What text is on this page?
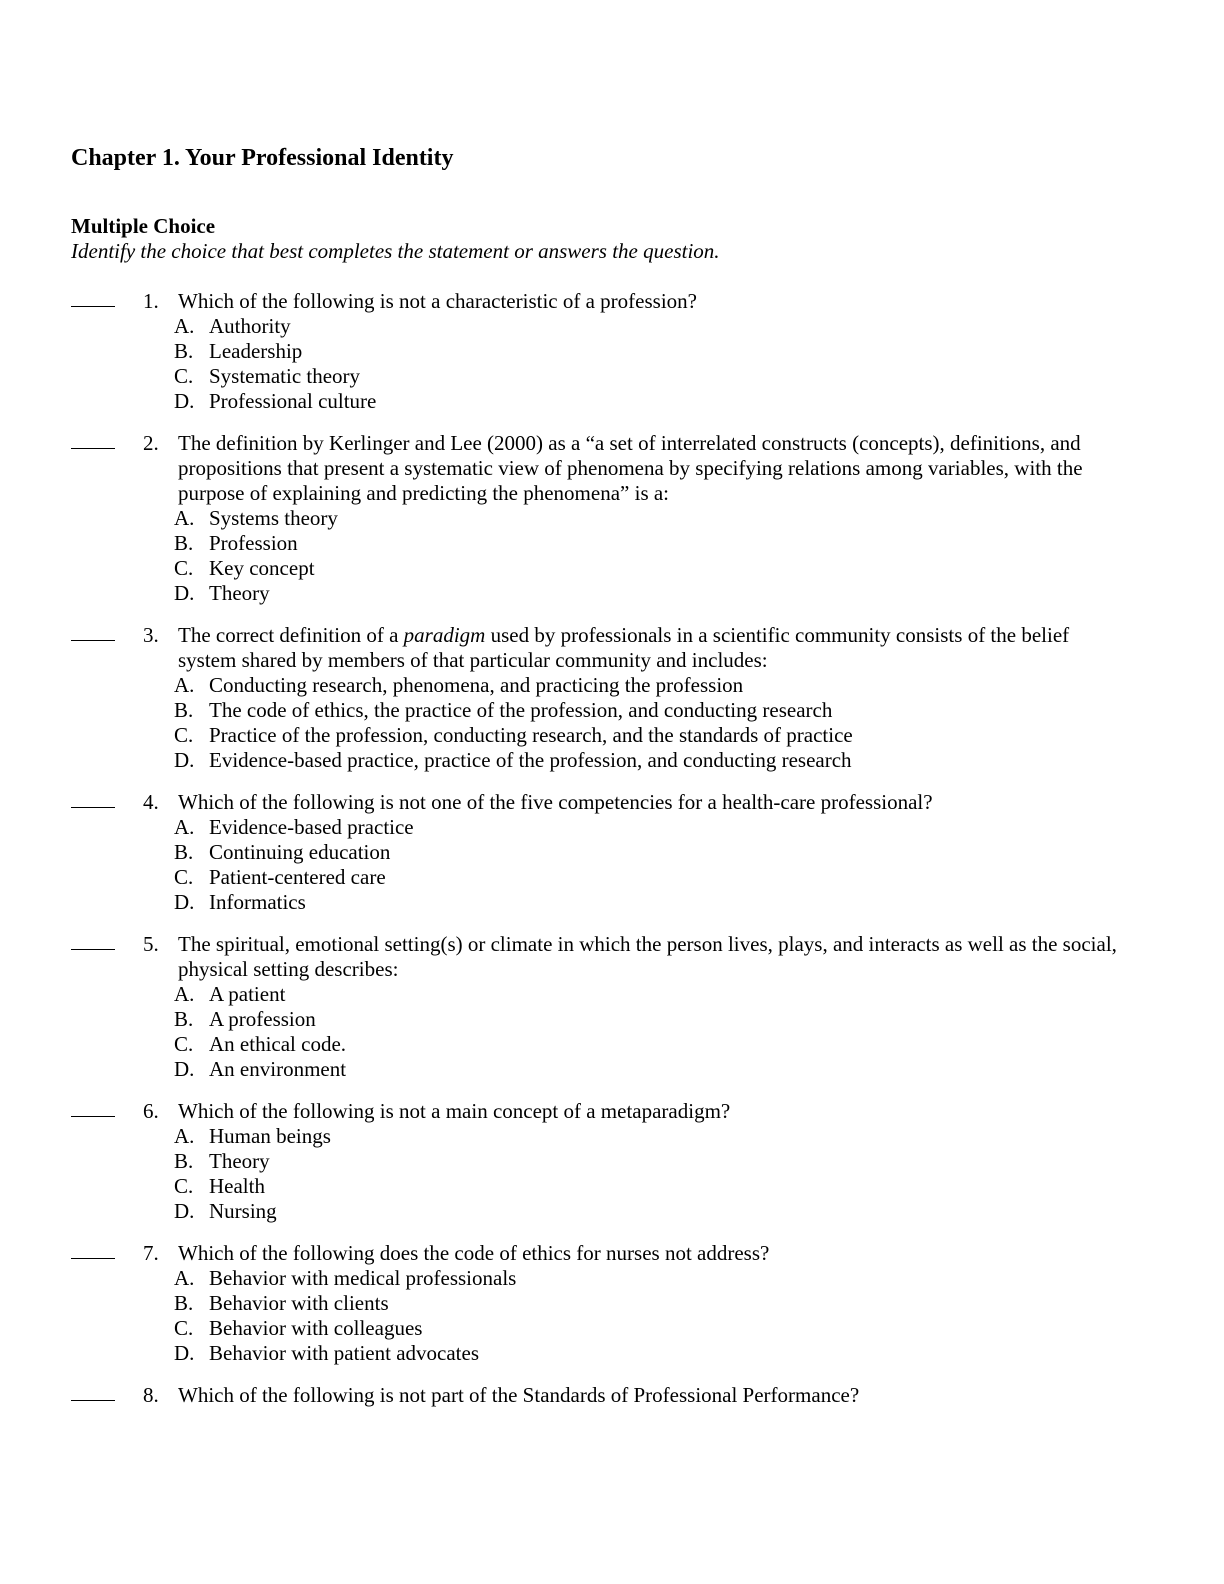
Chapter 1. Your Professional Identity
Multiple Choice
Identify the choice that best completes the statement or answers the question.
1. Which of the following is not a characteristic of a profession?
A. Authority
B. Leadership
C. Systematic theory
D. Professional culture
2. The definition by Kerlinger and Lee (2000) as a “a set of interrelated constructs (concepts), definitions, and propositions that present a systematic view of phenomena by specifying relations among variables, with the purpose of explaining and predicting the phenomena” is a:
A. Systems theory
B. Profession
C. Key concept
D. Theory
3. The correct definition of a paradigm used by professionals in a scientific community consists of the belief system shared by members of that particular community and includes:
A. Conducting research, phenomena, and practicing the profession
B. The code of ethics, the practice of the profession, and conducting research
C. Practice of the profession, conducting research, and the standards of practice
D. Evidence-based practice, practice of the profession, and conducting research
4. Which of the following is not one of the five competencies for a health-care professional?
A. Evidence-based practice
B. Continuing education
C. Patient-centered care
D. Informatics
5. The spiritual, emotional setting(s) or climate in which the person lives, plays, and interacts as well as the social, physical setting describes:
A. A patient
B. A profession
C. An ethical code.
D. An environment
6. Which of the following is not a main concept of a metaparadigm?
A. Human beings
B. Theory
C. Health
D. Nursing
7. Which of the following does the code of ethics for nurses not address?
A. Behavior with medical professionals
B. Behavior with clients
C. Behavior with colleagues
D. Behavior with patient advocates
8. Which of the following is not part of the Standards of Professional Performance?
